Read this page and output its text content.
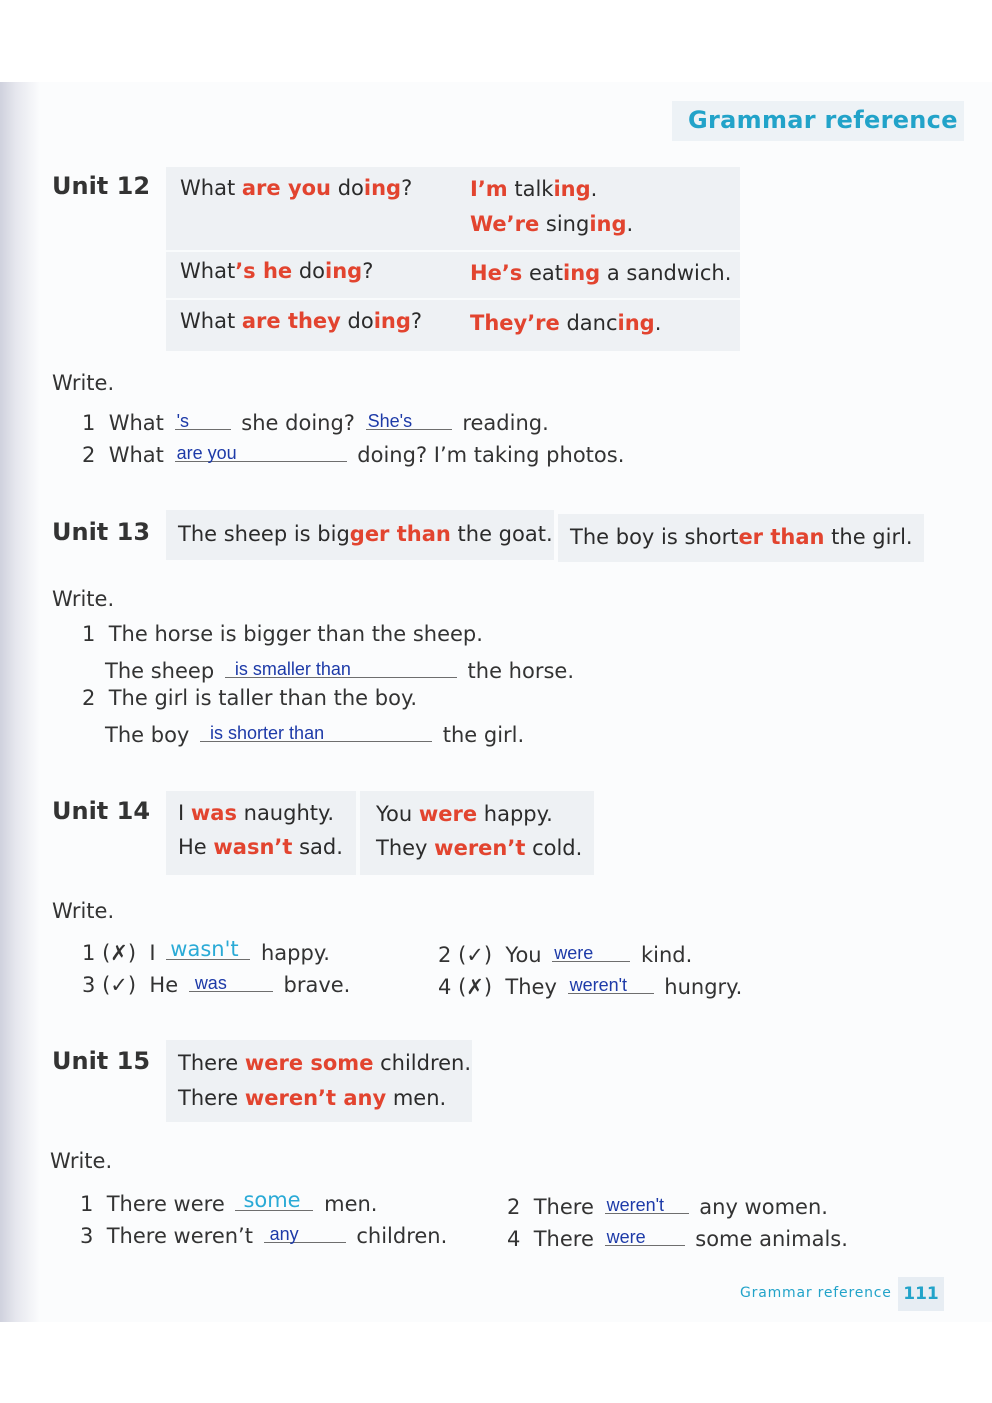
Grammar reference
Unit 12 What are you doing?	I’m talking.
We’re singing.
What’s he doing?	He’s eating a sandwich.
What are they doing? They’re dancing.
Write.
1 What 's she doing? She's reading.
2 What are you	doing? I’m taking photos.
Unit 13 The sheep is bigger than the goat. The boy is shorter than the girl.
Write.
1 The horse is bigger than the sheep.
The sheep is smaller than	the horse.
2 The girl is taller than the boy.
The boy is shorter than	the girl.
Unit 14 I was naughty.
He wasn’t sad.
You were happy.
They weren’t cold.
Write.
1 (✗) I wasn't happy.
3 (✓) He was	brave.
2 (✓) You were kind.
4 (✗) They weren't hungry.
Unit 15 There were some children.
There weren’t any men.
Write.
1 There were some men.
3 There weren’t any	children.
2 There weren't any women.
4 There were some animals.
Grammar reference 111
